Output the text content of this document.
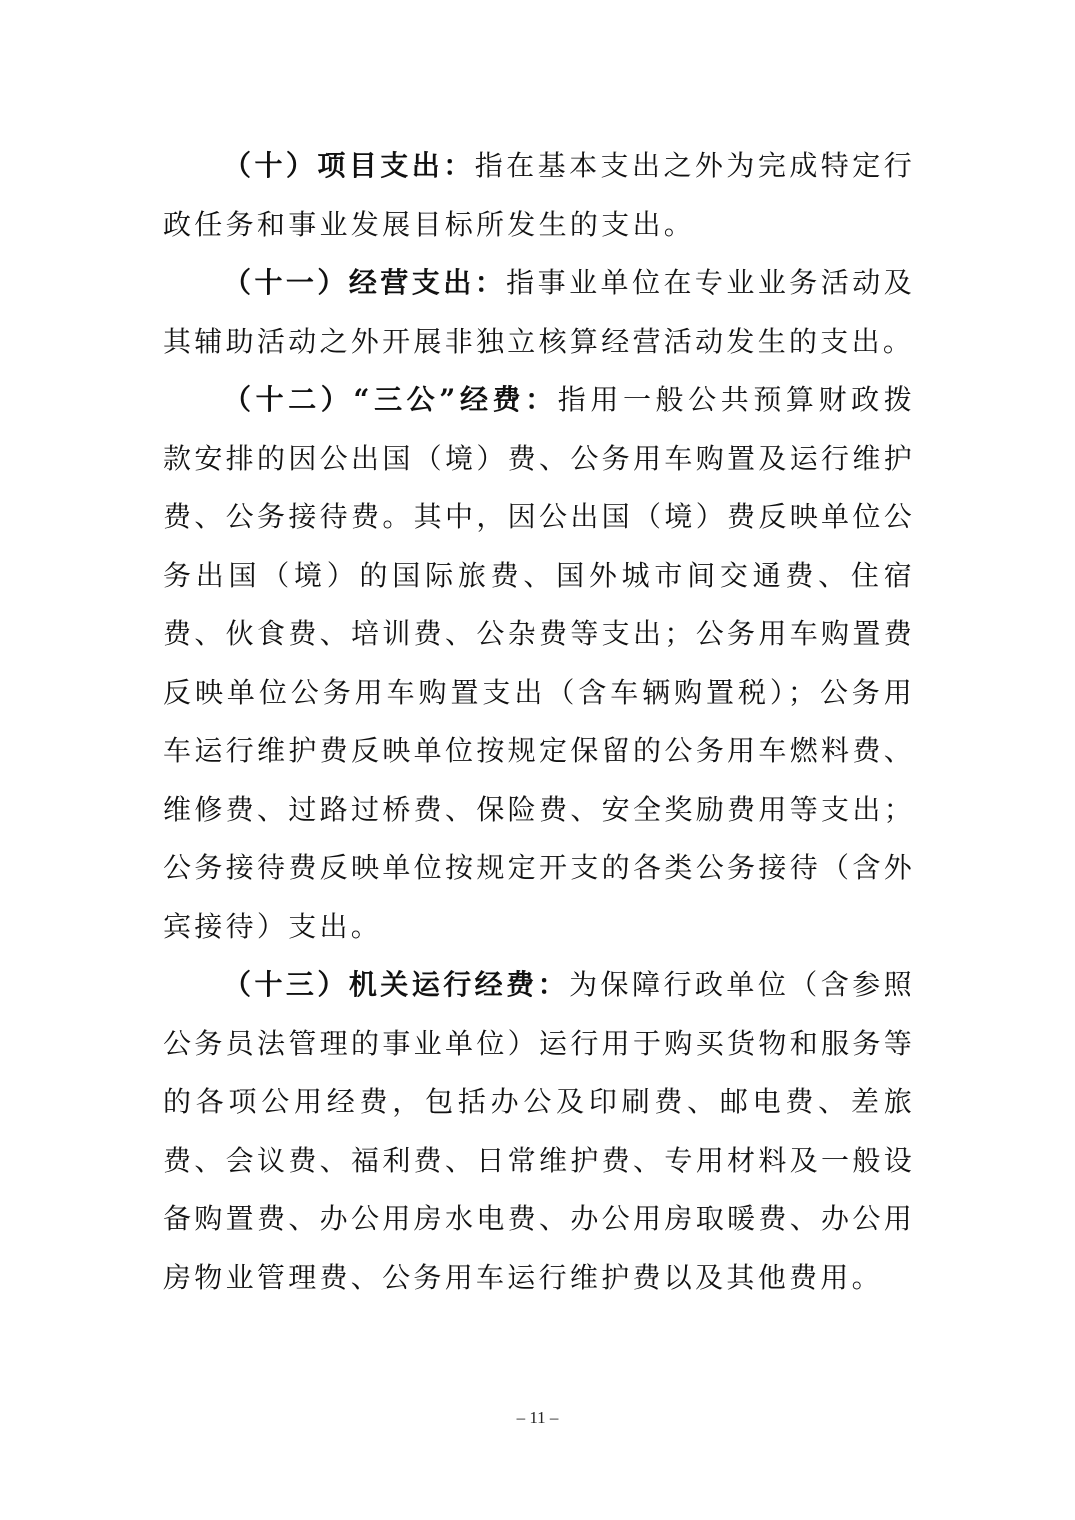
（十）项目支出：指在基本支出之外为完成特定行政任务和事业发展目标所发生的支出。

（十一）经营支出：指事业单位在专业业务活动及其辅助活动之外开展非独立核算经营活动发生的支出。

（十二）“三公”经费：指用一般公共预算财政拨款安排的因公出国（境）费、公务用车购置及运行维护费、公务接待费。其中，因公出国（境）费反映单位公务出国（境）的国际旅费、国外城市间交通费、住宿费、伙食费、培训费、公杂费等支出；公务用车购置费反映单位公务用车购置支出（含车辆购置税）；公务用车运行维护费反映单位按规定保留的公务用车燃料费、维修费、过路过桥费、保险费、安全奖励费用等支出；公务接待费反映单位按规定开支的各类公务接待（含外宾接待）支出。

（十三）机关运行经费：为保障行政单位（含参照公务员法管理的事业单位）运行用于购买货物和服务等的各项公用经费，包括办公及印刷费、邮电费、差旅费、会议费、福利费、日常维护费、专用材料及一般设备购置费、办公用房水电费、办公用房取暖费、办公用房物业管理费、公务用车运行维护费以及其他费用。

– 11 –
